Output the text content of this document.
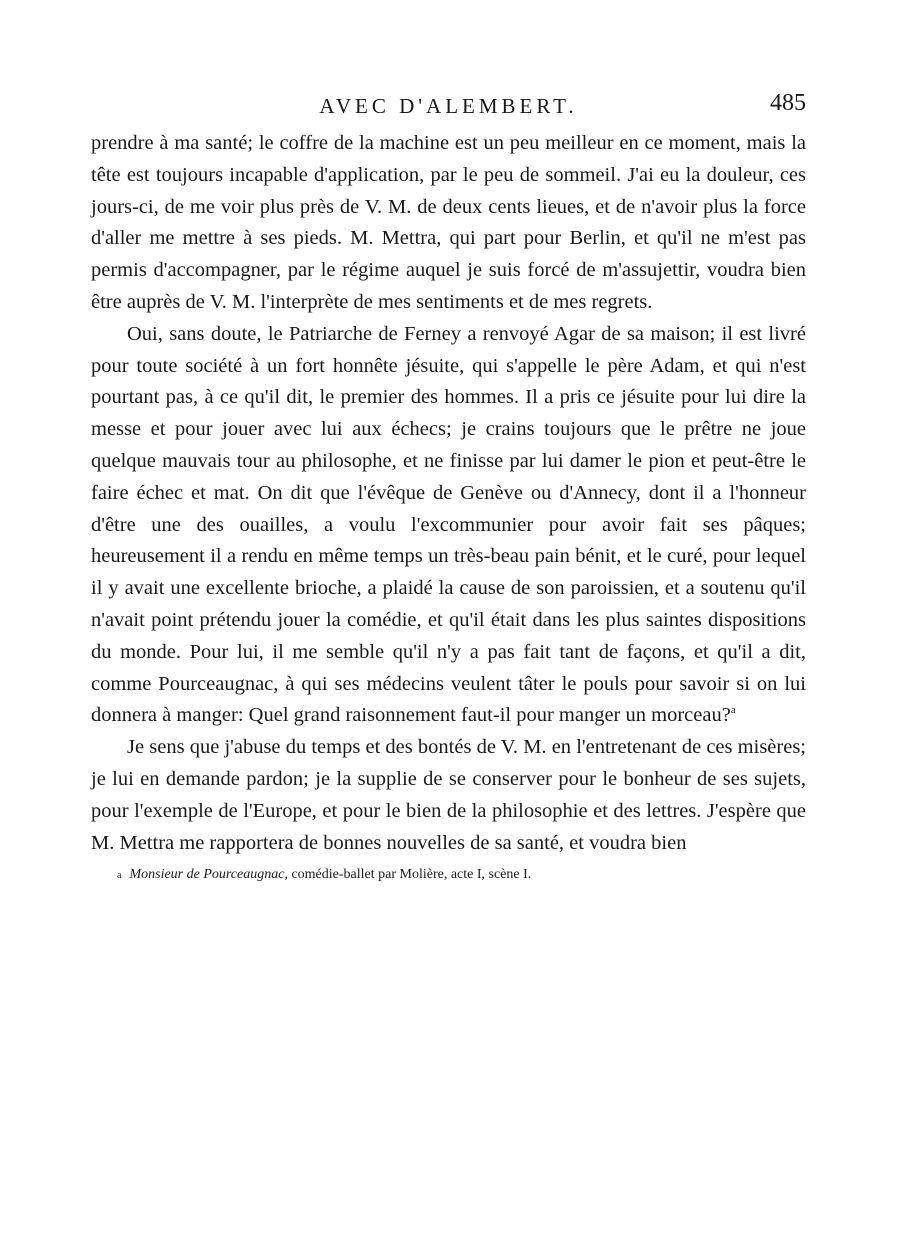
AVEC D'ALEMBERT.	485

prendre à ma santé; le coffre de la machine est un peu meilleur en ce moment, mais la tête est toujours incapable d'application, par le peu de sommeil. J'ai eu la douleur, ces jours-ci, de me voir plus près de V. M. de deux cents lieues, et de n'avoir plus la force d'aller me mettre à ses pieds. M. Mettra, qui part pour Berlin, et qu'il ne m'est pas permis d'accompagner, par le régime auquel je suis forcé de m'assujettir, voudra bien être auprès de V. M. l'interprète de mes sentiments et de mes regrets.

Oui, sans doute, le Patriarche de Ferney a renvoyé Agar de sa maison; il est livré pour toute société à un fort honnête jésuite, qui s'appelle le père Adam, et qui n'est pourtant pas, à ce qu'il dit, le premier des hommes. Il a pris ce jésuite pour lui dire la messe et pour jouer avec lui aux échecs; je crains toujours que le prêtre ne joue quelque mauvais tour au philosophe, et ne finisse par lui damer le pion et peut-être le faire échec et mat. On dit que l'évêque de Genève ou d'Annecy, dont il a l'honneur d'être une des ouailles, a voulu l'excommunier pour avoir fait ses pâques; heureusement il a rendu en même temps un très-beau pain bénit, et le curé, pour lequel il y avait une excellente brioche, a plaidé la cause de son paroissien, et a soutenu qu'il n'avait point prétendu jouer la comédie, et qu'il était dans les plus saintes dispositions du monde. Pour lui, il me semble qu'il n'y a pas fait tant de façons, et qu'il a dit, comme Pourceaugnac, à qui ses médecins veulent tâter le pouls pour savoir si on lui donnera à manger: Quel grand raisonnement faut-il pour manger un morceau?$^a$

Je sens que j'abuse du temps et des bontés de V. M. en l'entretenant de ces misères; je lui en demande pardon; je la supplie de se conserver pour le bonheur de ses sujets, pour l'exemple de l'Europe, et pour le bien de la philosophie et des lettres. J'espère que M. Mettra me rapportera de bonnes nouvelles de sa santé, et voudra bien

a Monsieur de Pourceaugnac, comédie-ballet par Molière, acte I, scène I.
